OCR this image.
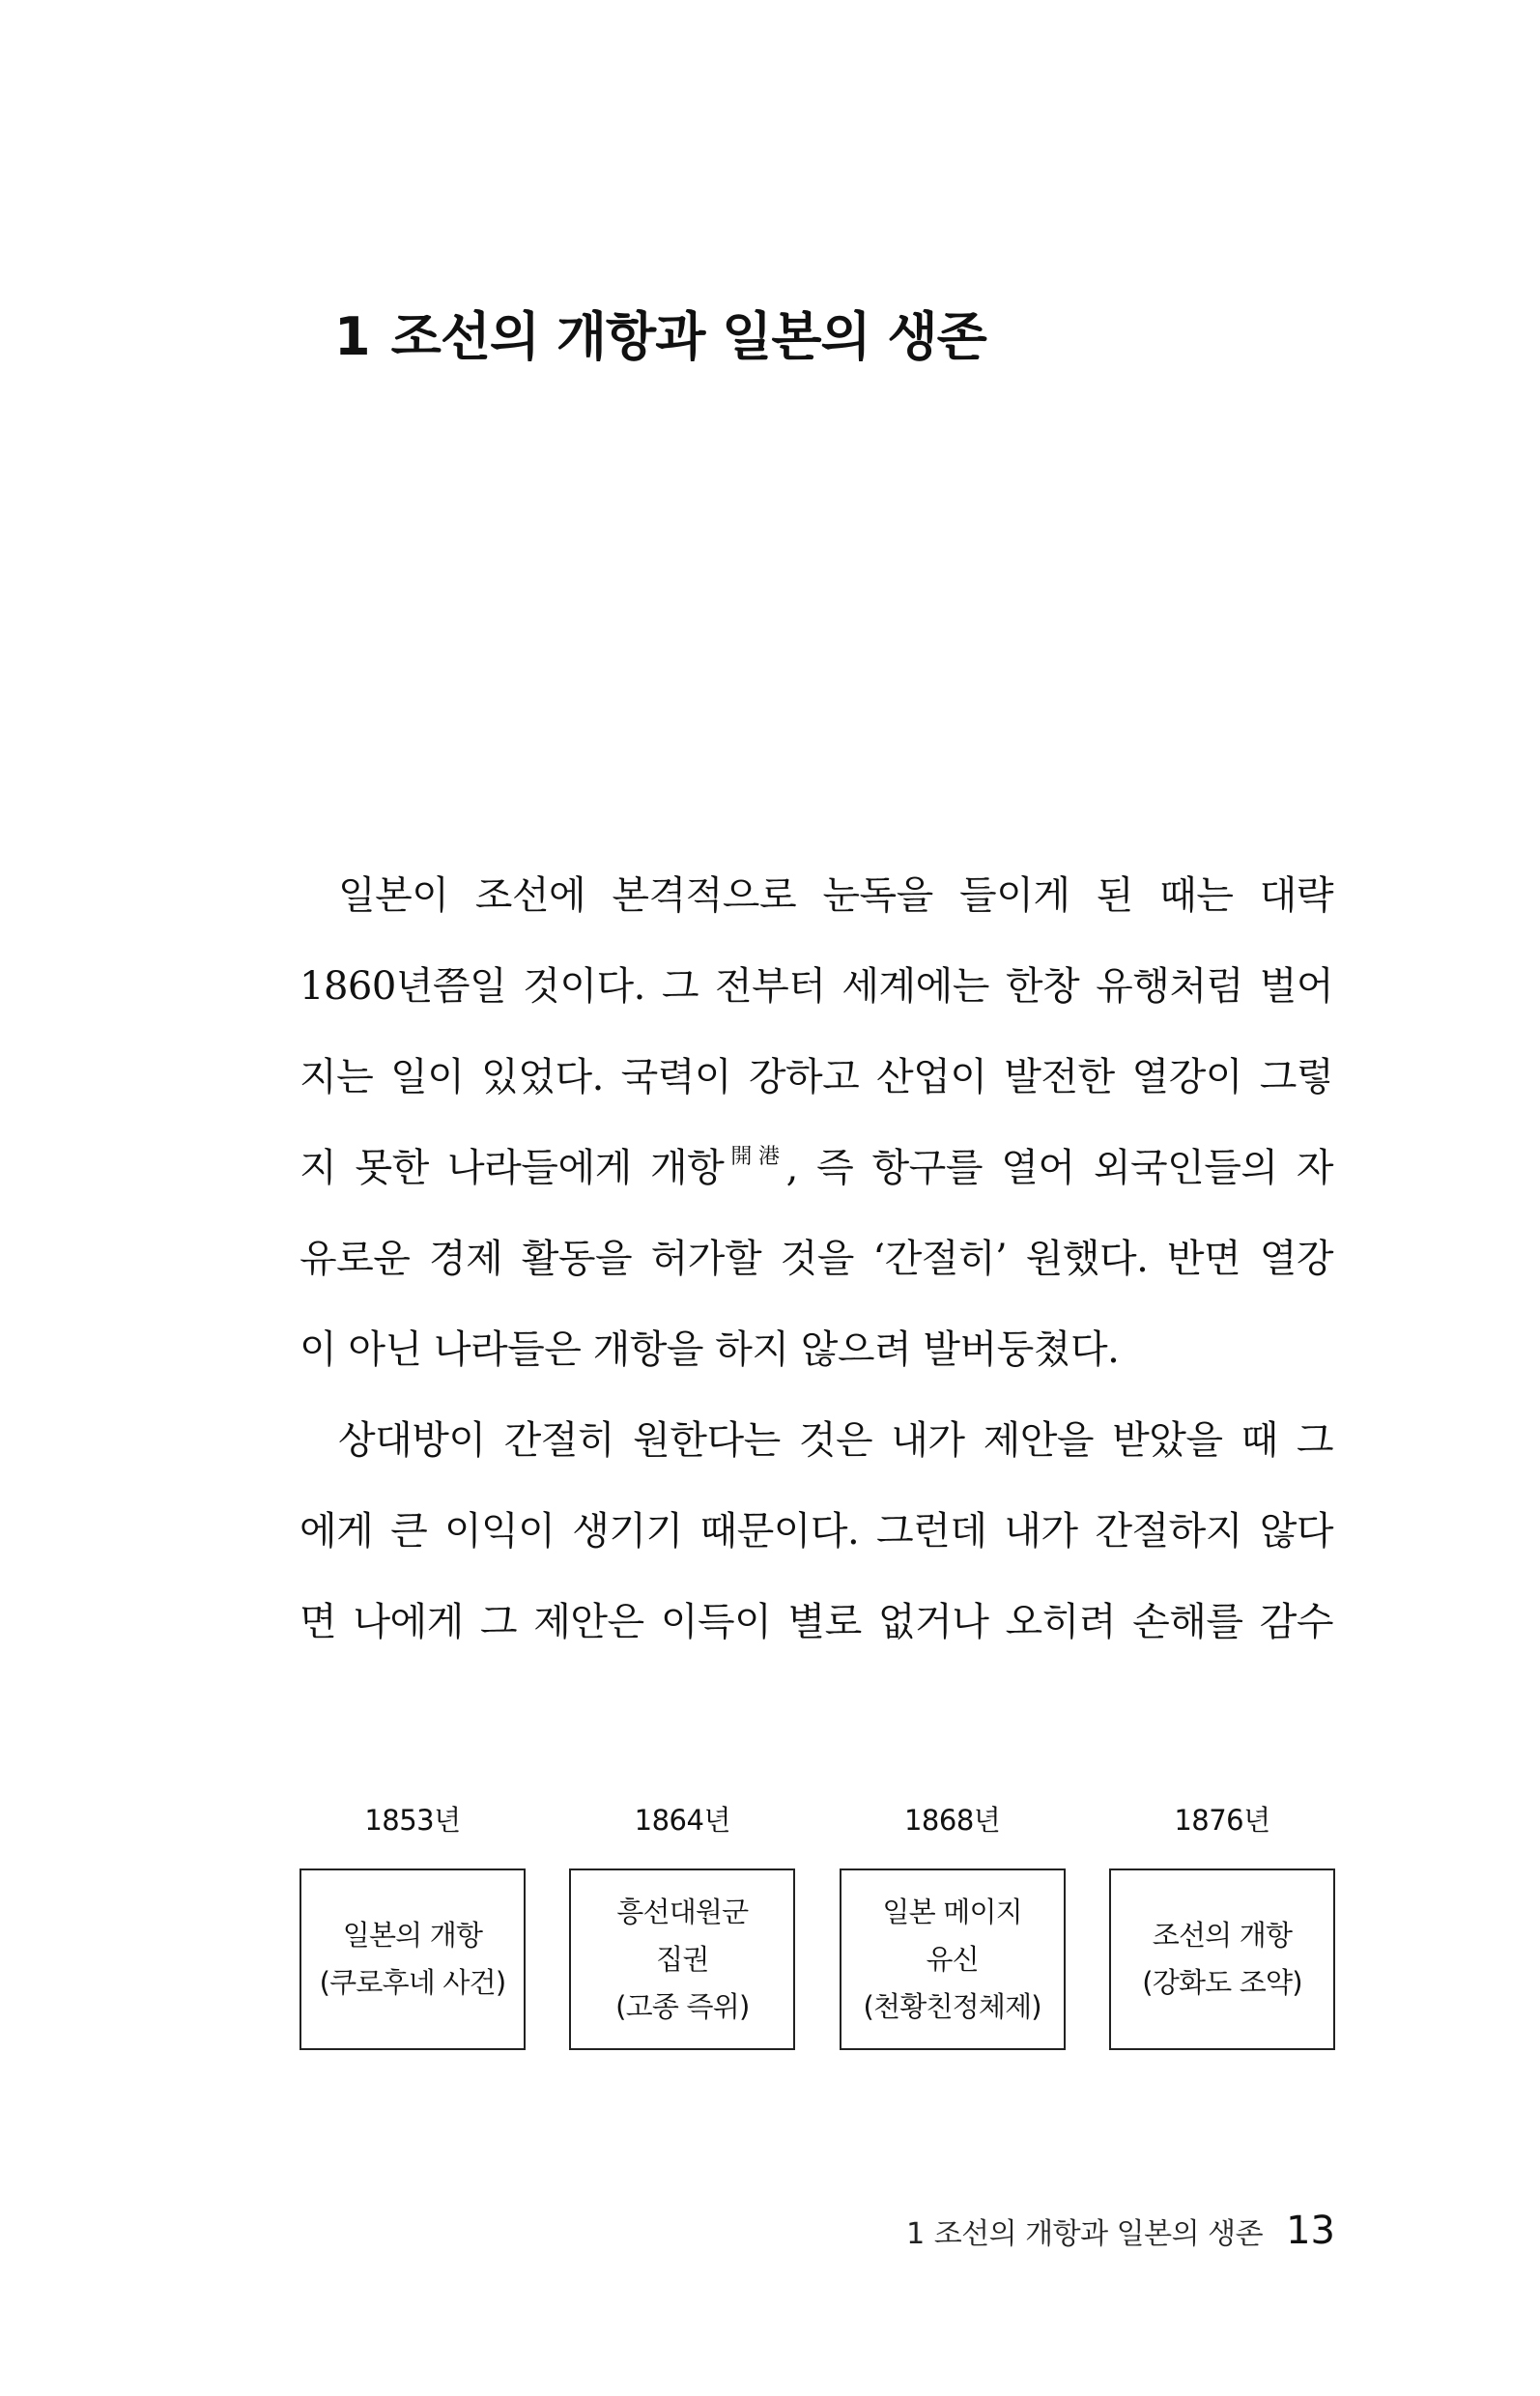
1 조선의 개항과 일본의 생존
일본이 조선에 본격적으로 눈독을 들이게 된 때는 대략
1860년쯤일 것이다. 그 전부터 세계에는 한창 유행처럼 벌어
지는 일이 있었다. 국력이 강하고 산업이 발전한 열강이 그렇
지 못한 나라들에게 개항$^{開港}$, 즉 항구를 열어 외국인들의 자
유로운 경제 활동을 허가할 것을 ‘간절히’ 원했다. 반면 열강
이 아닌 나라들은 개항을 하지 않으려 발버둥쳤다.
상대방이 간절히 원한다는 것은 내가 제안을 받았을 때 그
에게 큰 이익이 생기기 때문이다. 그런데 내가 간절하지 않다
면 나에게 그 제안은 이득이 별로 없거나 오히려 손해를 감수
1853년
일본의 개항
(쿠로후네 사건)
1864년
흥선대원군
집권
(고종 즉위)
1868년
일본 메이지
유신
(천황친정체제)
1876년
조선의 개항
(강화도 조약)
1 조선의 개항과 일본의 생존 13
